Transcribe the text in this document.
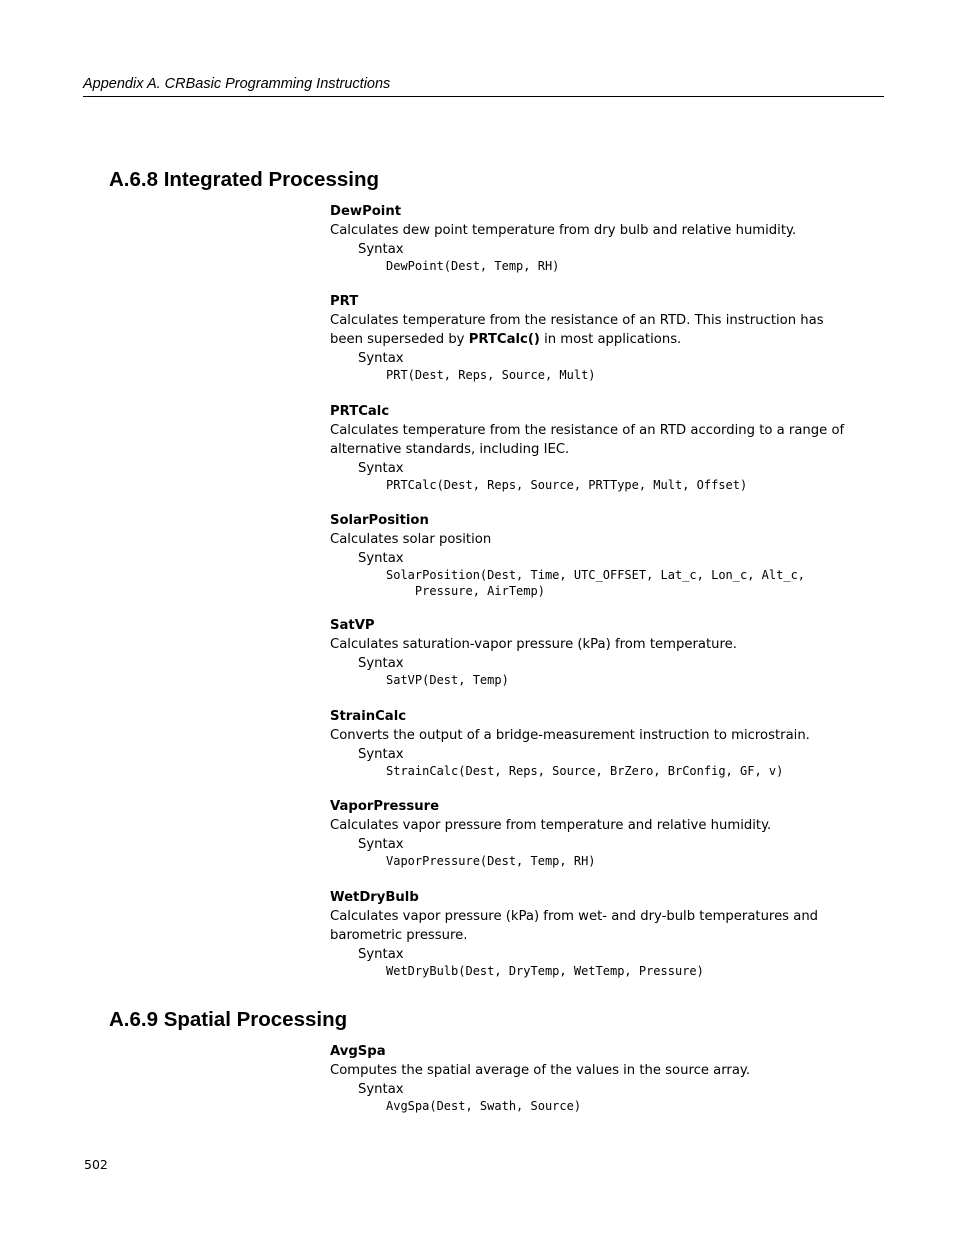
Appendix A. CRBasic Programming Instructions
A.6.8 Integrated Processing
DewPoint
Calculates dew point temperature from dry bulb and relative humidity.
Syntax
DewPoint(Dest, Temp, RH)
PRT
Calculates temperature from the resistance of an RTD. This instruction has been superseded by PRTCalc() in most applications.
Syntax
PRT(Dest, Reps, Source, Mult)
PRTCalc
Calculates temperature from the resistance of an RTD according to a range of alternative standards, including IEC.
Syntax
PRTCalc(Dest, Reps, Source, PRTType, Mult, Offset)
SolarPosition
Calculates solar position
Syntax
SolarPosition(Dest, Time, UTC_OFFSET, Lat_c, Lon_c, Alt_c,
Pressure, AirTemp)
SatVP
Calculates saturation-vapor pressure (kPa) from temperature.
Syntax
SatVP(Dest, Temp)
StrainCalc
Converts the output of a bridge-measurement instruction to microstrain.
Syntax
StrainCalc(Dest, Reps, Source, BrZero, BrConfig, GF, v)
VaporPressure
Calculates vapor pressure from temperature and relative humidity.
Syntax
VaporPressure(Dest, Temp, RH)
WetDryBulb
Calculates vapor pressure (kPa) from wet- and dry-bulb temperatures and barometric pressure.
Syntax
WetDryBulb(Dest, DryTemp, WetTemp, Pressure)
A.6.9 Spatial Processing
AvgSpa
Computes the spatial average of the values in the source array.
Syntax
AvgSpa(Dest, Swath, Source)
502
